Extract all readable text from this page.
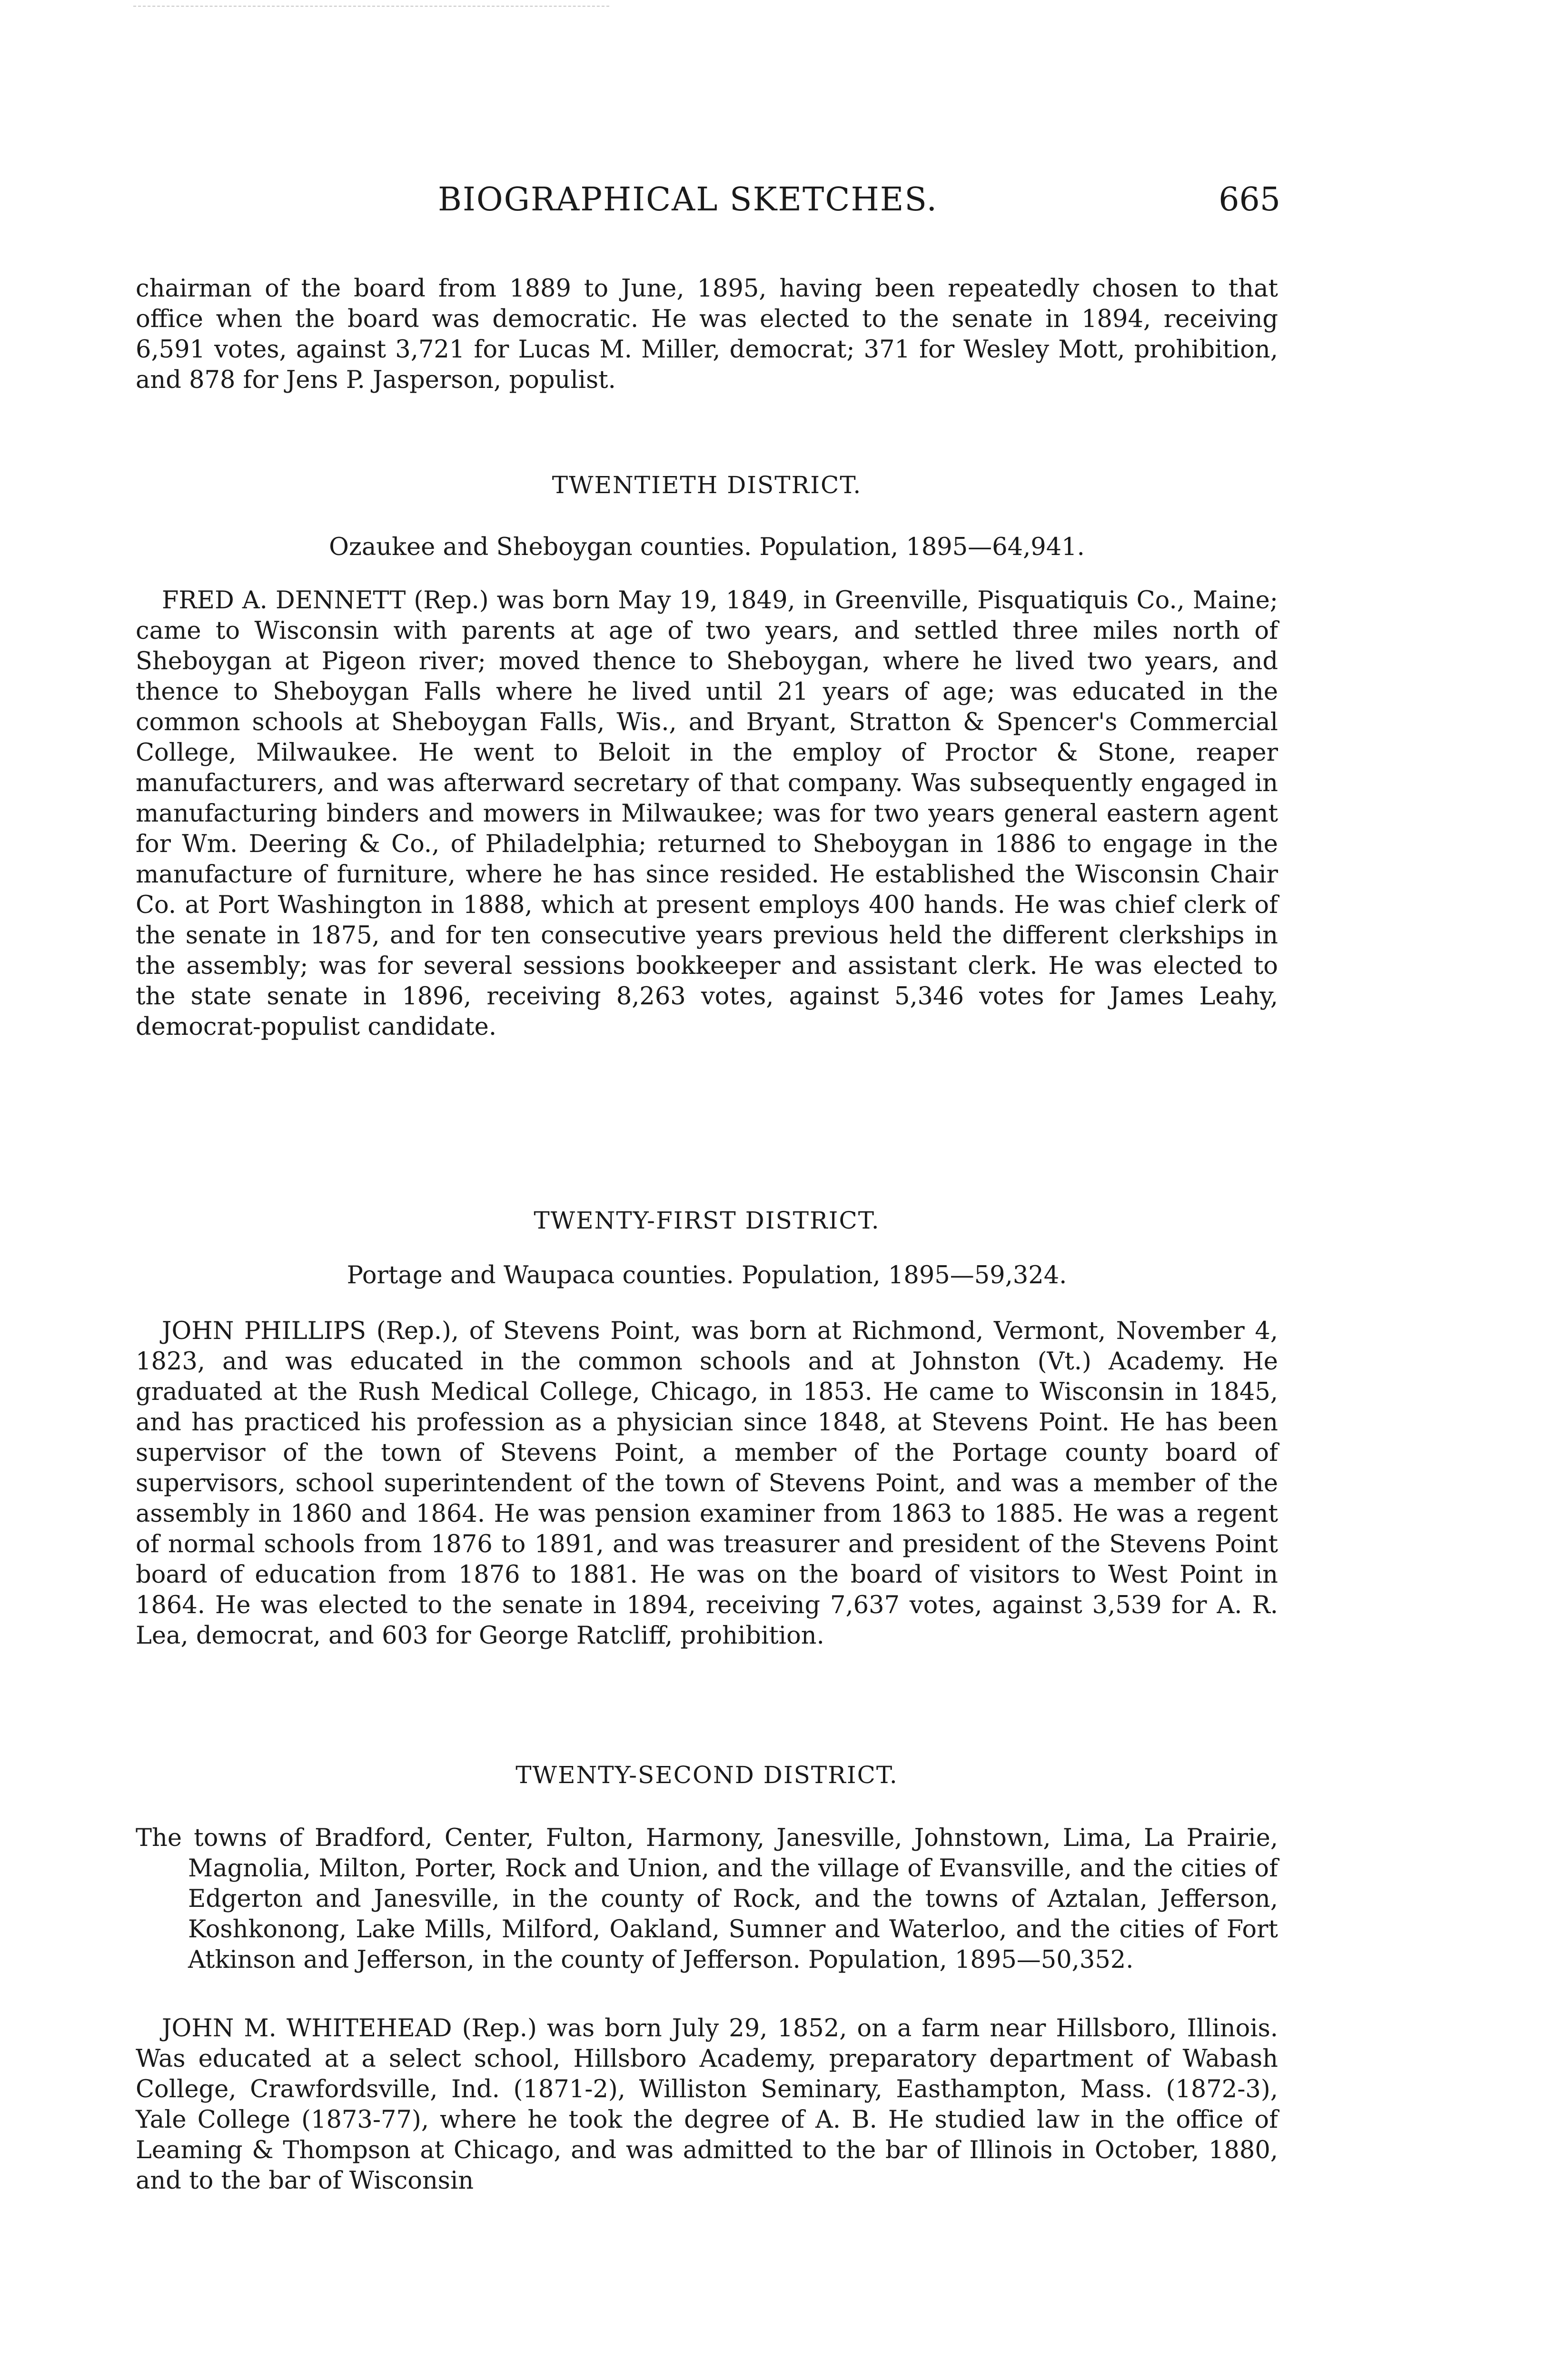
BIOGRAPHICAL SKETCHES.	665

chairman of the board from 1889 to June, 1895, having been repeatedly chosen to that office when the board was democratic. He was elected to the senate in 1894, receiving 6,591 votes, against 3,721 for Lucas M. Miller, democrat; 371 for Wesley Mott, prohibition, and 878 for Jens P. Jasperson, populist.

TWENTIETH DISTRICT.
Ozaukee and Sheboygan counties. Population, 1895—64,941.

FRED A. DENNETT (Rep.) was born May 19, 1849, in Greenville, Pisquatiquis Co., Maine; came to Wisconsin with parents at age of two years, and settled three miles north of Sheboygan at Pigeon river; moved thence to Sheboygan, where he lived two years, and thence to Sheboygan Falls where he lived until 21 years of age; was educated in the common schools at Sheboygan Falls, Wis., and Bryant, Stratton & Spencer's Commercial College, Milwaukee. He went to Beloit in the employ of Proctor & Stone, reaper manufacturers, and was afterward secretary of that company. Was subsequently engaged in manufacturing binders and mowers in Milwaukee; was for two years general eastern agent for Wm. Deering & Co., of Philadelphia; returned to Sheboygan in 1886 to engage in the manufacture of furniture, where he has since resided. He established the Wisconsin Chair Co. at Port Washington in 1888, which at present employs 400 hands. He was chief clerk of the senate in 1875, and for ten consecutive years previous held the different clerkships in the assembly; was for several sessions bookkeeper and assistant clerk. He was elected to the state senate in 1896, receiving 8,263 votes, against 5,346 votes for James Leahy, democrat-populist candidate.

TWENTY-FIRST DISTRICT.
Portage and Waupaca counties. Population, 1895—59,324.

JOHN PHILLIPS (Rep.), of Stevens Point, was born at Richmond, Vermont, November 4, 1823, and was educated in the common schools and at Johnston (Vt.) Academy. He graduated at the Rush Medical College, Chicago, in 1853. He came to Wisconsin in 1845, and has practiced his profession as a physician since 1848, at Stevens Point. He has been supervisor of the town of Stevens Point, a member of the Portage county board of supervisors, school superintendent of the town of Stevens Point, and was a member of the assembly in 1860 and 1864. He was pension examiner from 1863 to 1885. He was a regent of normal schools from 1876 to 1891, and was treasurer and president of the Stevens Point board of education from 1876 to 1881. He was on the board of visitors to West Point in 1864. He was elected to the senate in 1894, receiving 7,637 votes, against 3,539 for A. R. Lea, democrat, and 603 for George Ratcliff, prohibition.

TWENTY-SECOND DISTRICT.

The towns of Bradford, Center, Fulton, Harmony, Janesville, Johnstown, Lima, La Prairie, Magnolia, Milton, Porter, Rock and Union, and the village of Evansville, and the cities of Edgerton and Janesville, in the county of Rock, and the towns of Aztalan, Jefferson, Koshkonong, Lake Mills, Milford, Oakland, Sumner and Waterloo, and the cities of Fort Atkinson and Jefferson, in the county of Jefferson. Population, 1895—50,352.

JOHN M. WHITEHEAD (Rep.) was born July 29, 1852, on a farm near Hillsboro, Illinois. Was educated at a select school, Hillsboro Academy, preparatory department of Wabash College, Crawfordsville, Ind. (1871-2), Williston Seminary, Easthampton, Mass. (1872-3), Yale College (1873-77), where he took the degree of A. B. He studied law in the office of Leaming & Thompson at Chicago, and was admitted to the bar of Illinois in October, 1880, and to the bar of Wisconsin
